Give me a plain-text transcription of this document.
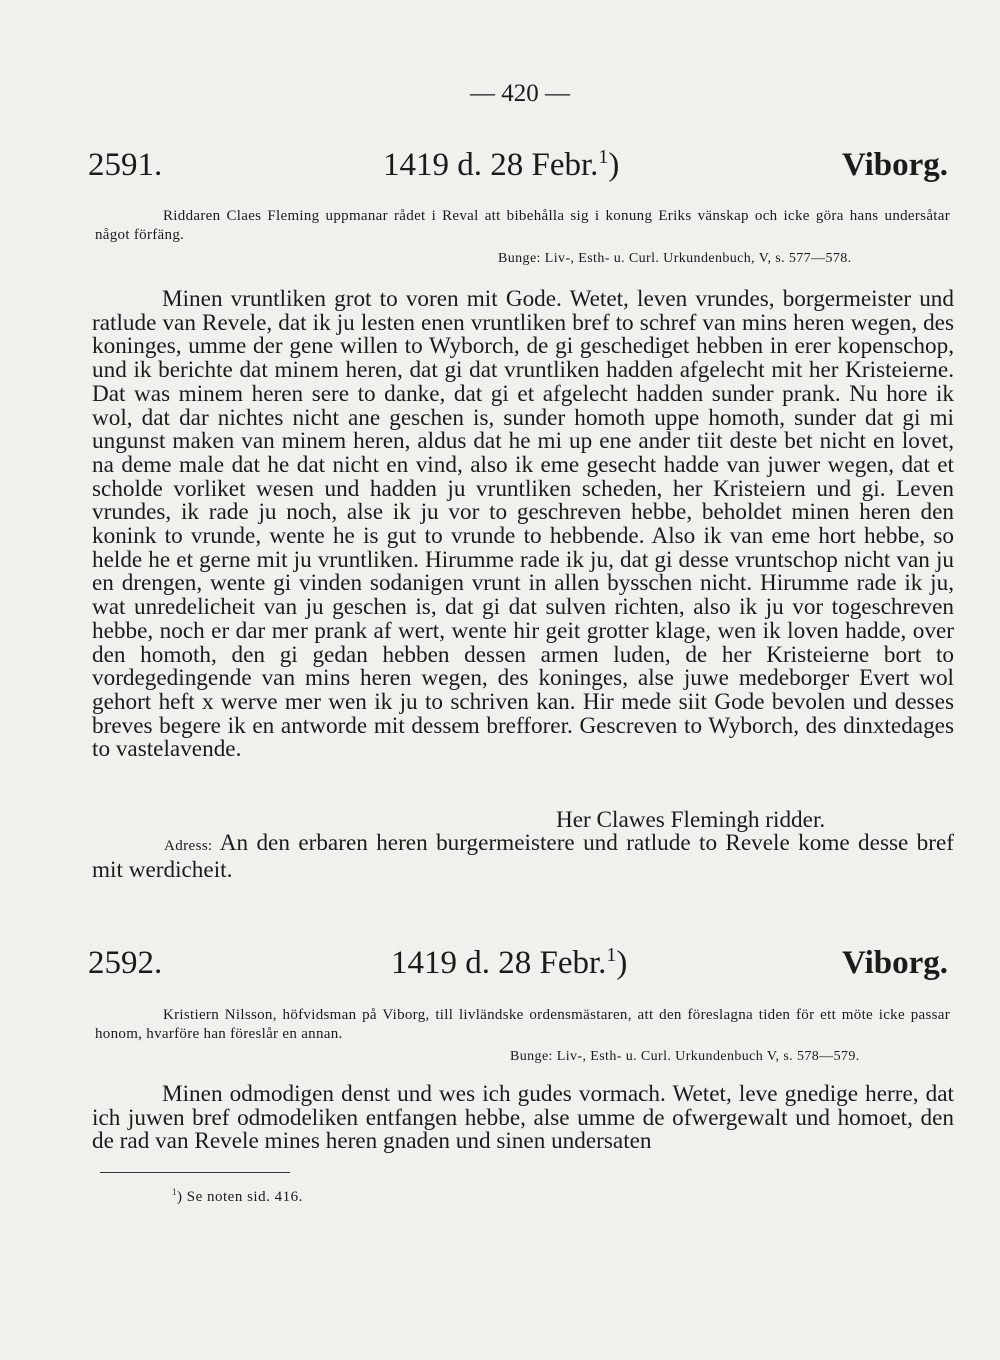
— 420 —
2591.	1419 d. 28 Febr.$^1$)	Viborg.
Riddaren Claes Fleming uppmanar rådet i Reval att bibehålla sig i konung Eriks vänskap och icke göra hans undersåtar något förfäng.
Bunge: Liv-, Esth- u. Curl. Urkundenbuch, V, s. 577—578.

Minen vruntliken grot to voren mit Gode. Wetet, leven vrundes, borgermeister und ratlude van Revele, dat ik ju lesten enen vruntliken bref to schref van mins heren wegen, des koninges, umme der gene willen to Wyborch, de gi geschediget hebben in erer kopenschop, und ik berichte dat minem heren, dat gi dat vruntliken hadden afgelecht mit her Kristeierne. Dat was minem heren sere to danke, dat gi et afgelecht hadden sunder prank. Nu hore ik wol, dat dar nichtes nicht ane geschen is, sunder homoth uppe homoth, sunder dat gi mi ungunst maken van minem heren, aldus dat he mi up ene ander tiit deste bet nicht en lovet, na deme male dat he dat nicht en vind, also ik eme gesecht hadde van juwer wegen, dat et scholde vorliket wesen und hadden ju vruntliken scheden, her Kristeiern und gi. Leven vrundes, ik rade ju noch, alse ik ju vor to geschreven hebbe, beholdet minen heren den konink to vrunde, wente he is gut to vrunde to hebbende. Also ik van eme hort hebbe, so helde he et gerne mit ju vruntliken. Hirumme rade ik ju, dat gi desse vruntschop nicht van ju en drengen, wente gi vinden sodanigen vrunt in allen bysschen nicht. Hirumme rade ik ju, wat unredelicheit van ju geschen is, dat gi dat sulven richten, also ik ju vor togeschreven hebbe, noch er dar mer prank af wert, wente hir geit grotter klage, wen ik loven hadde, over den homoth, den gi gedan hebben dessen armen luden, de her Kristeierne bort to vordegedingende van mins heren wegen, des koninges, alse juwe medeborger Evert wol gehort heft x werve mer wen ik ju to schriven kan. Hir mede siit Gode bevolen und desses breves begere ik en antworde mit dessem brefforer. Gescreven to Wyborch, des dinxtedages to vastelavende.

Her Clawes Flemingh ridder.

Adress: An den erbaren heren burgermeistere und ratlude to Revele kome desse bref mit werdicheit.

2592.	1419 d. 28 Febr.$^1$)	Viborg.
Kristiern Nilsson, höfvidsman på Viborg, till livländske ordensmästaren, att den föreslagna tiden för ett möte icke passar honom, hvarföre han föreslår en annan.
Bunge: Liv-, Esth- u. Curl. Urkundenbuch V, s. 578—579.

Minen odmodigen denst und wes ich gudes vormach. Wetet, leve gnedige herre, dat ich juwen bref odmodeliken entfangen hebbe, alse umme de ofwergewalt und homoet, den de rad van Revele mines heren gnaden und sinen undersaten

$^1$) Se noten sid. 416.
